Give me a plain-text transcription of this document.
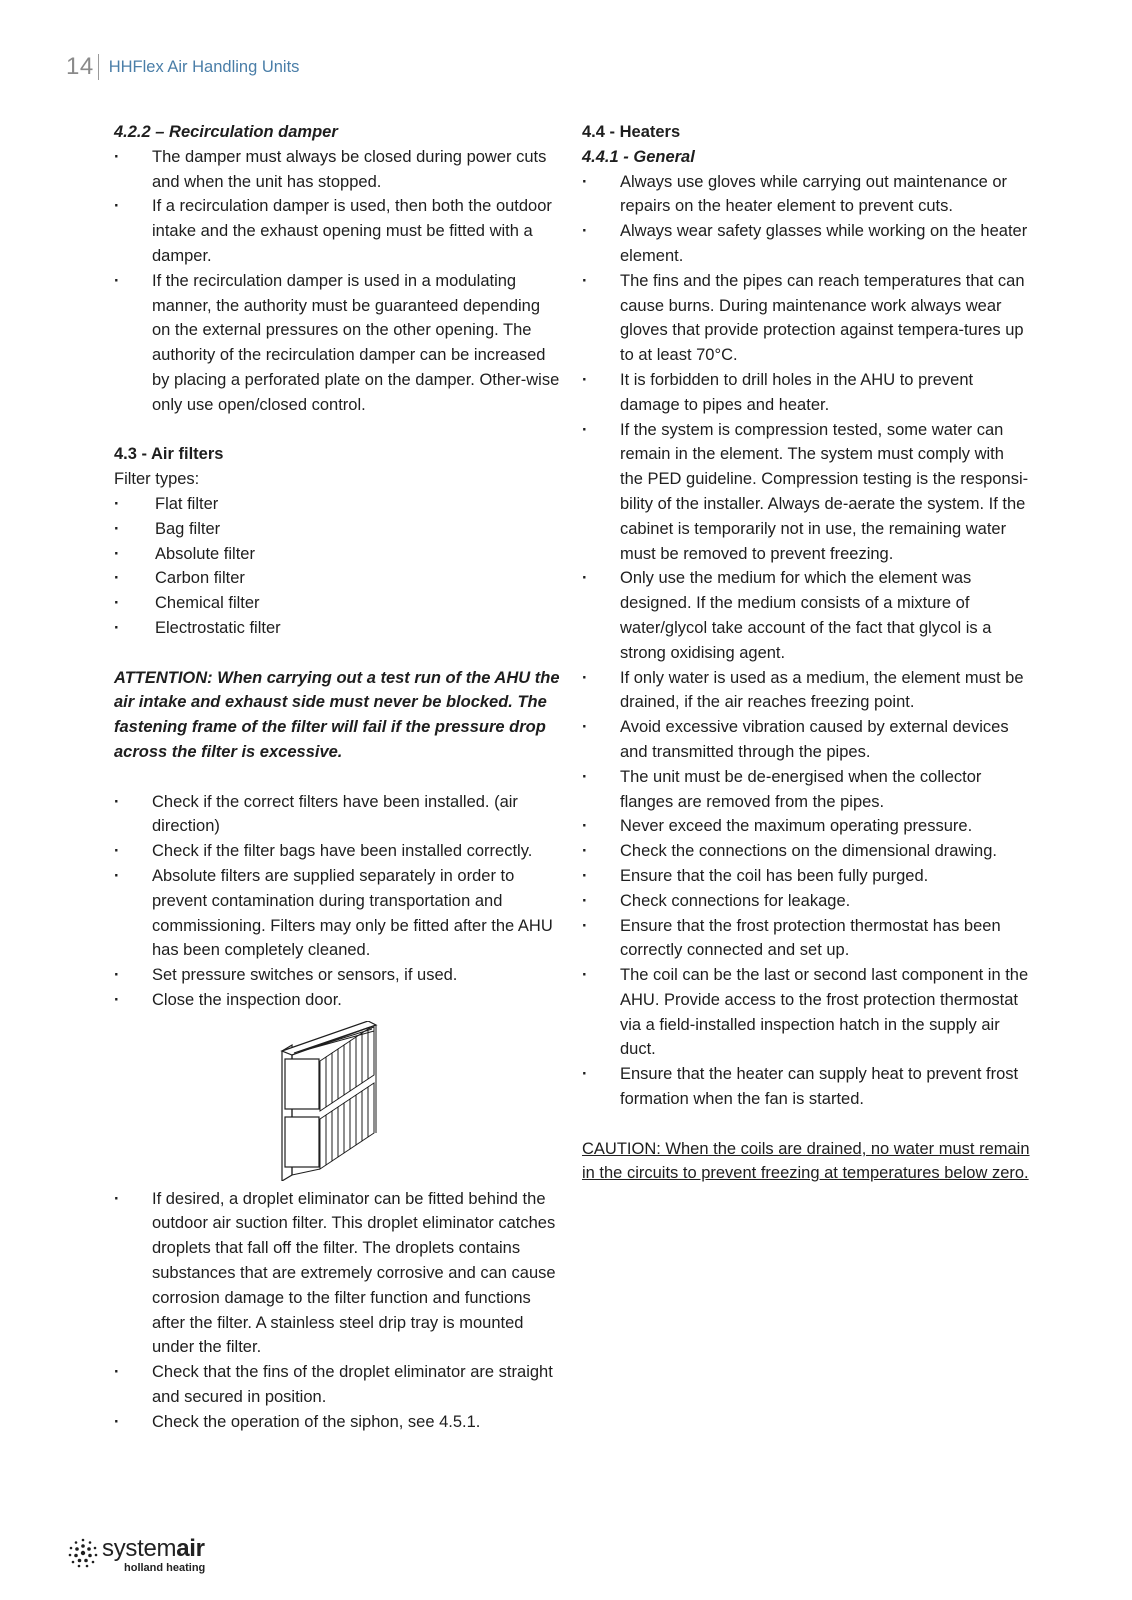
14 HHFlex Air Handling Units

4.2.2 – Recirculation damper

· The damper must always be closed during power cuts and when the unit has stopped.
· If a recirculation damper is used, then both the outdoor intake and the exhaust opening must be fitted with a damper.
· If the recirculation damper is used in a modulating manner, the authority must be guaranteed depending on the external pressures on the other opening. The authority of the recirculation damper can be increased by placing a perforated plate on the damper. Other-wise only use open/closed control.

4.3 - Air filters

Filter types:

· Flat filter
· Bag filter
· Absolute filter
· Carbon filter
· Chemical filter
· Electrostatic filter

ATTENTION: When carrying out a test run of the AHU the air intake and exhaust side must never be blocked. The fastening frame of the filter will fail if the pressure drop across the filter is excessive.

· Check if the correct filters have been installed. (air direction)
· Check if the filter bags have been installed correctly.
· Absolute filters are supplied separately in order to prevent contamination during transportation and commissioning. Filters may only be fitted after the AHU has been completely cleaned.
· Set pressure switches or sensors, if used.
· Close the inspection door.
· If desired, a droplet eliminator can be fitted behind the outdoor air suction filter. This droplet eliminator catches droplets that fall off the filter. The droplets contains substances that are extremely corrosive and can cause corrosion damage to the filter function and functions after the filter. A stainless steel drip tray is mounted under the filter.
· Check that the fins of the droplet eliminator are straight and secured in position.
· Check the operation of the siphon, see 4.5.1.

4.4 - Heaters

4.4.1 - General

· Always use gloves while carrying out maintenance or repairs on the heater element to prevent cuts.
· Always wear safety glasses while working on the heater element.
· The fins and the pipes can reach temperatures that can cause burns. During maintenance work always wear gloves that provide protection against tempera-tures up to at least 70°C.
· It is forbidden to drill holes in the AHU to prevent damage to pipes and heater.
· If the system is compression tested, some water can remain in the element. The system must comply with the PED guideline. Compression testing is the responsi-bility of the installer. Always de-aerate the system. If the cabinet is temporarily not in use, the remaining water must be removed to prevent freezing.
· Only use the medium for which the element was designed. If the medium consists of a mixture of water/glycol take account of the fact that glycol is a strong oxidising agent.
· If only water is used as a medium, the element must be drained, if the air reaches freezing point.
· Avoid excessive vibration caused by external devices and transmitted through the pipes.
· The unit must be de-energised when the collector flanges are removed from the pipes.
· Never exceed the maximum operating pressure.
· Check the connections on the dimensional drawing.
· Ensure that the coil has been fully purged.
· Check connections for leakage.
· Ensure that the frost protection thermostat has been correctly connected and set up.
· The coil can be the last or second last component in the AHU. Provide access to the frost protection thermostat via a field-installed inspection hatch in the supply air duct.
· Ensure that the heater can supply heat to prevent frost formation when the fan is started.

CAUTION: When the coils are drained, no water must remain in the circuits to prevent freezing at temperatures below zero.

systemair
holland heating
